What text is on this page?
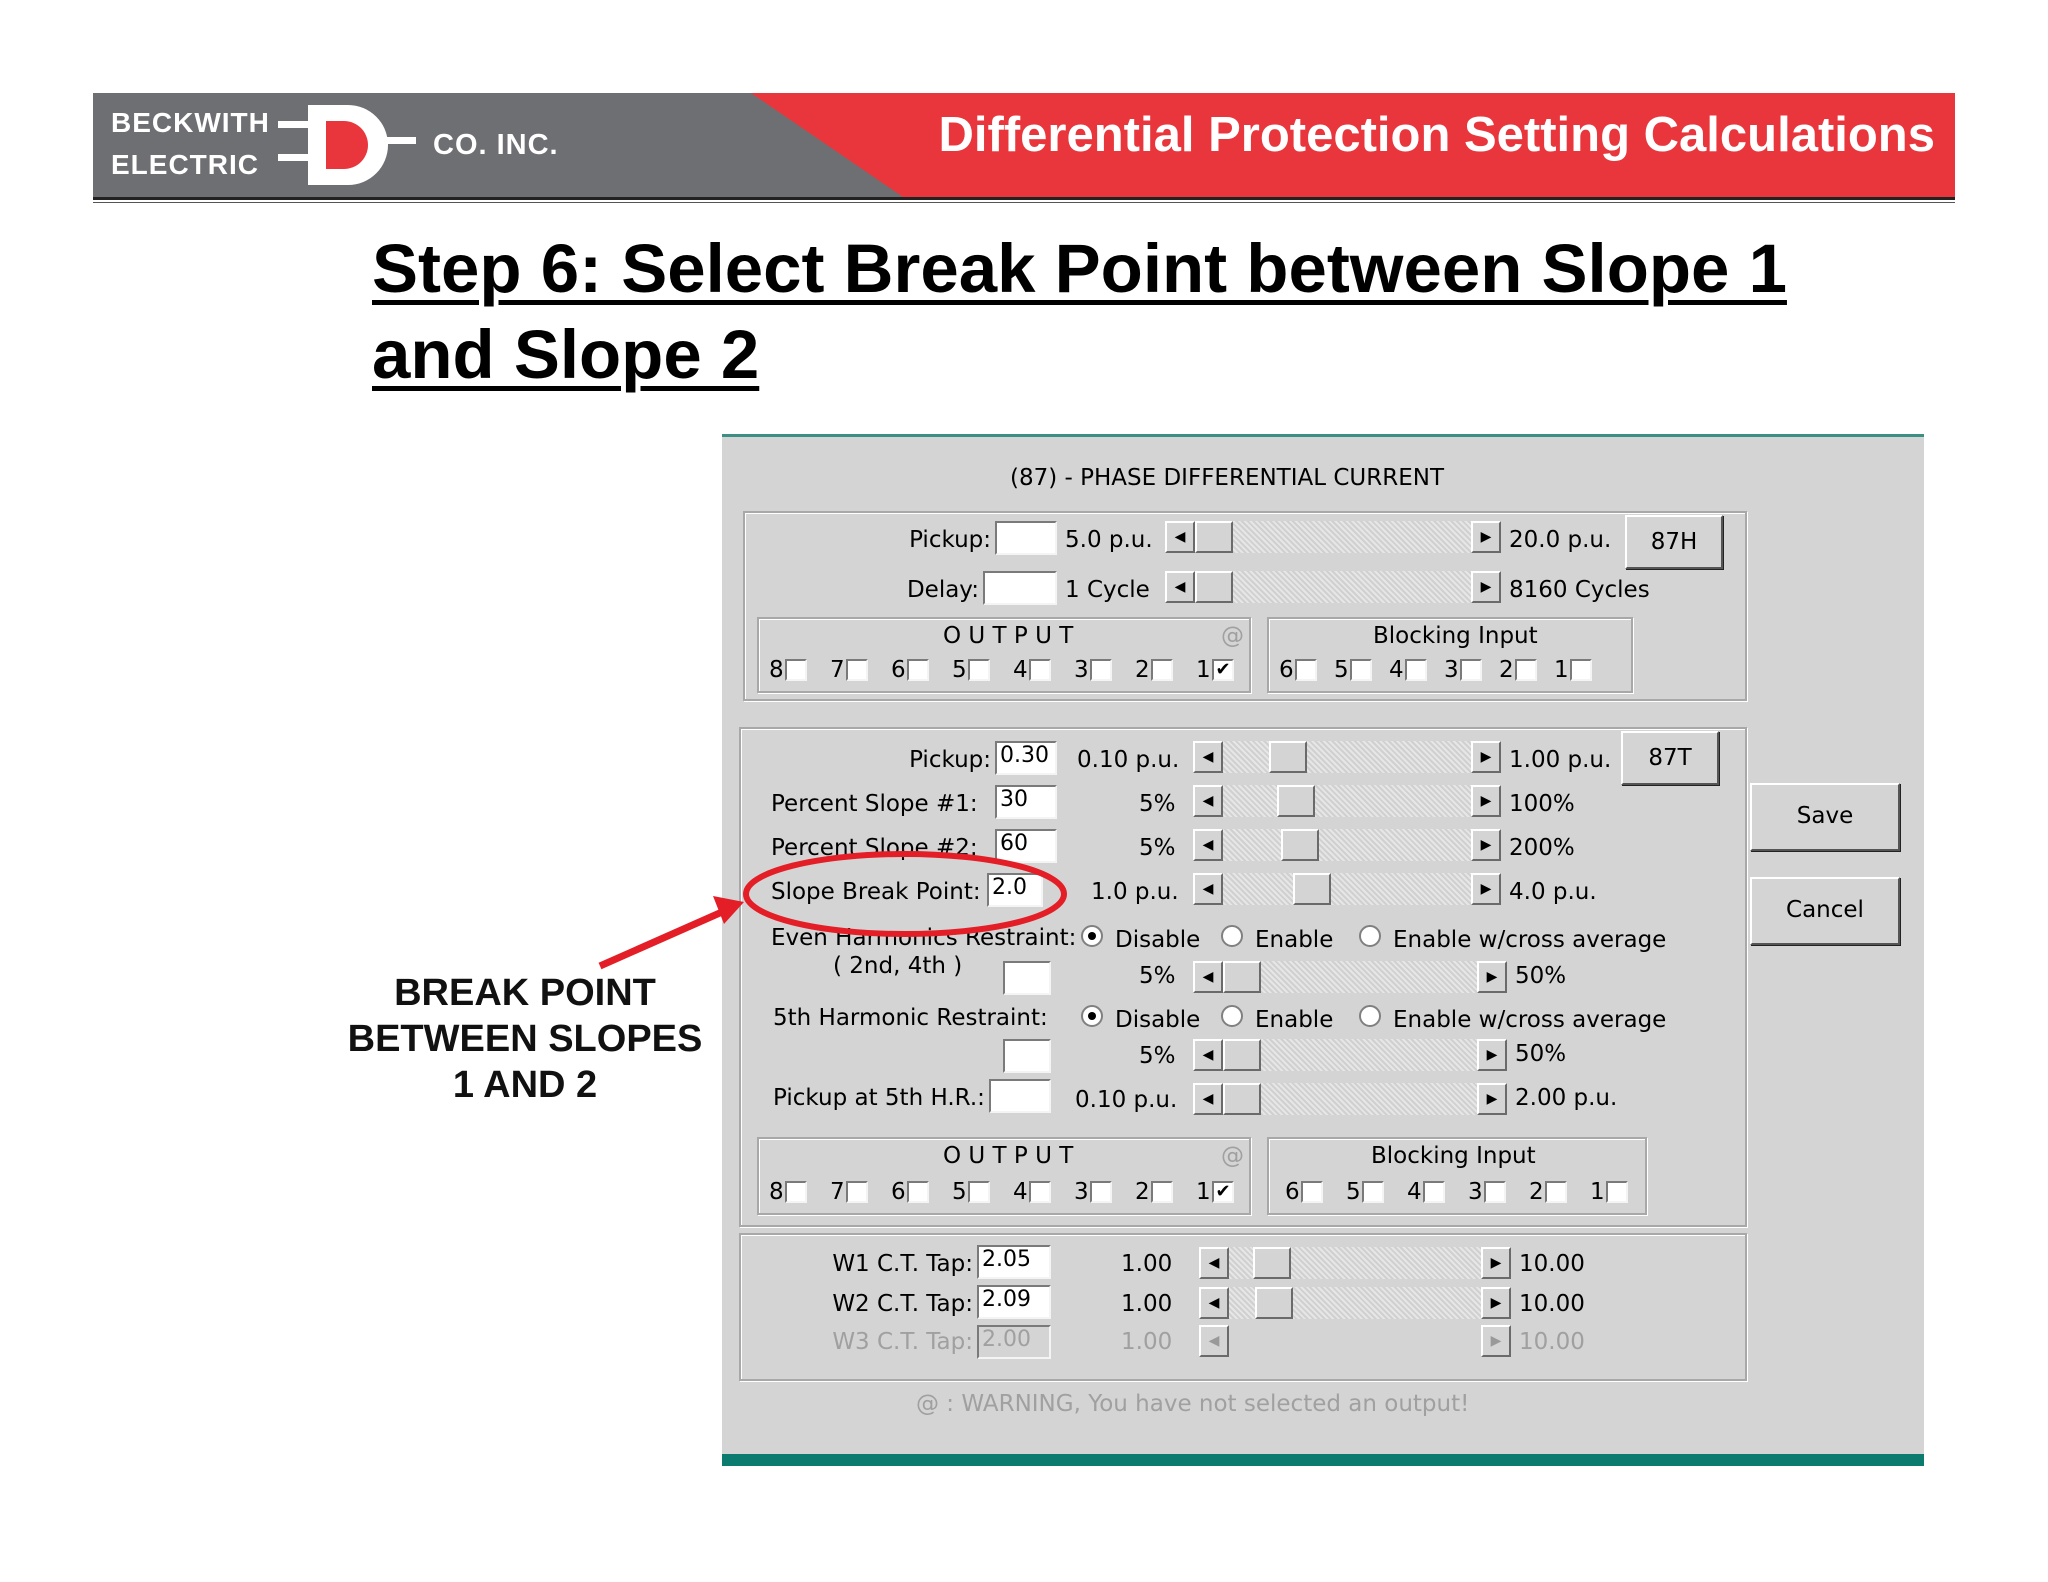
BECKWITH
ELECTRIC
CO. INC.	Differential Protection Setting Calculations
Step 6: Select Break Point between Slope 1 and Slope 2
BREAK POINT
BETWEEN SLOPES
1 AND 2
(87) - PHASE DIFFERENTIAL CURRENT
Pickup:	5.0 p.u.	◀	▶ 20.0 p.u.
Delay:	1 Cycle	◀	▶ 8160 Cycles
87H
O U T P U T	@
8 7 6 5 4 3 2 1 ✔
Blocking Input
6 5 4 3 2 1
87T
Pickup: 0.30	0.10 p.u.	◀	▶ 1.00 p.u.
Percent Slope #1: 30	5%	◀	▶ 100%
Percent Slope #2: 60	5%	◀	▶ 200%
Slope Break Point: 2.0	1.0 p.u.	◀	▶ 4.0 p.u.
Even Harmonics Restraint:
( 2nd, 4th )
Disable Enable	Enable w/cross average
5%	◀	▶ 50%
5th Harmonic Restraint:	Disable Enable	Enable w/cross average
5%	◀	▶ 50%
Pickup at 5th H.R.:	0.10 p.u.	◀	▶ 2.00 p.u.
O U T P U T	@
8 7 6 5 4 3 2 1 ✔
Blocking Input
6 5 4 3 2 1
W1 C.T. Tap: 2.05	1.00	◀	▶ 10.00
W2 C.T. Tap: 2.09	1.00	◀	▶ 10.00
W3 C.T. Tap: 2.00	1.00	◀	▶ 10.00
Save
Cancel
@ : WARNING, You have not selected an output!
